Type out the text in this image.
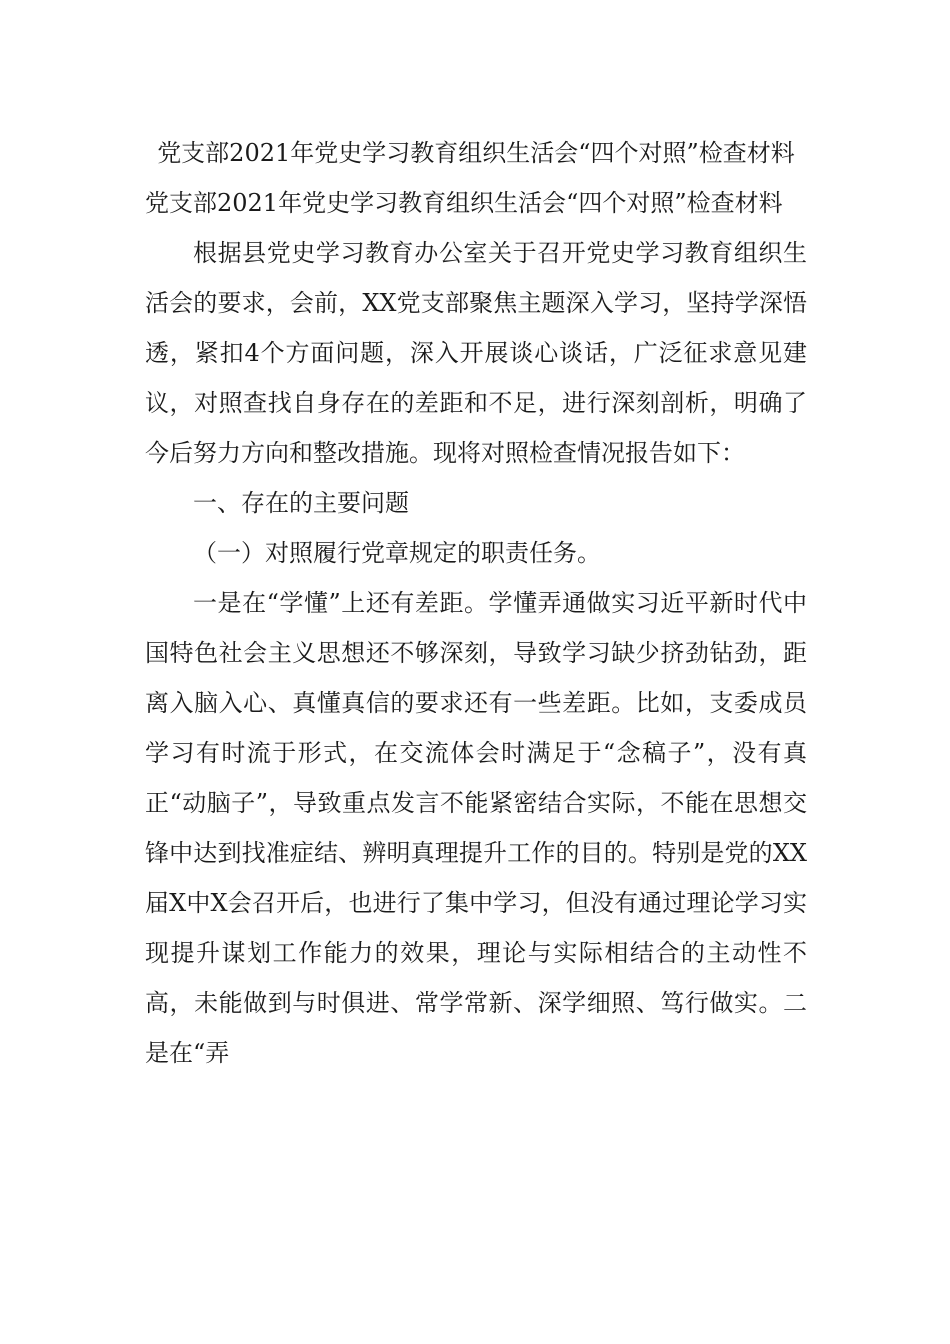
党支部2021年党史学习教育组织生活会“四个对照”检查材料

党支部2021年党史学习教育组织生活会“四个对照”检查材料

根据县党史学习教育办公室关于召开党史学习教育组织生活会的要求，会前，XX党支部聚焦主题深入学习，坚持学深悟透，紧扣4个方面问题，深入开展谈心谈话，广泛征求意见建议，对照查找自身存在的差距和不足，进行深刻剖析，明确了今后努力方向和整改措施。现将对照检查情况报告如下：

一、存在的主要问题

（一）对照履行党章规定的职责任务。

一是在“学懂”上还有差距。学懂弄通做实习近平新时代中国特色社会主义思想还不够深刻，导致学习缺少挤劲钻劲，距离入脑入心、真懂真信的要求还有一些差距。比如，支委成员学习有时流于形式，在交流体会时满足于“念稿子”，没有真正“动脑子”，导致重点发言不能紧密结合实际，不能在思想交锋中达到找准症结、辨明真理提升工作的目的。特别是党的XX届X中X会召开后，也进行了集中学习，但没有通过理论学习实现提升谋划工作能力的效果，理论与实际相结合的主动性不高，未能做到与时俱进、常学常新、深学细照、笃行做实。二是在“弄
